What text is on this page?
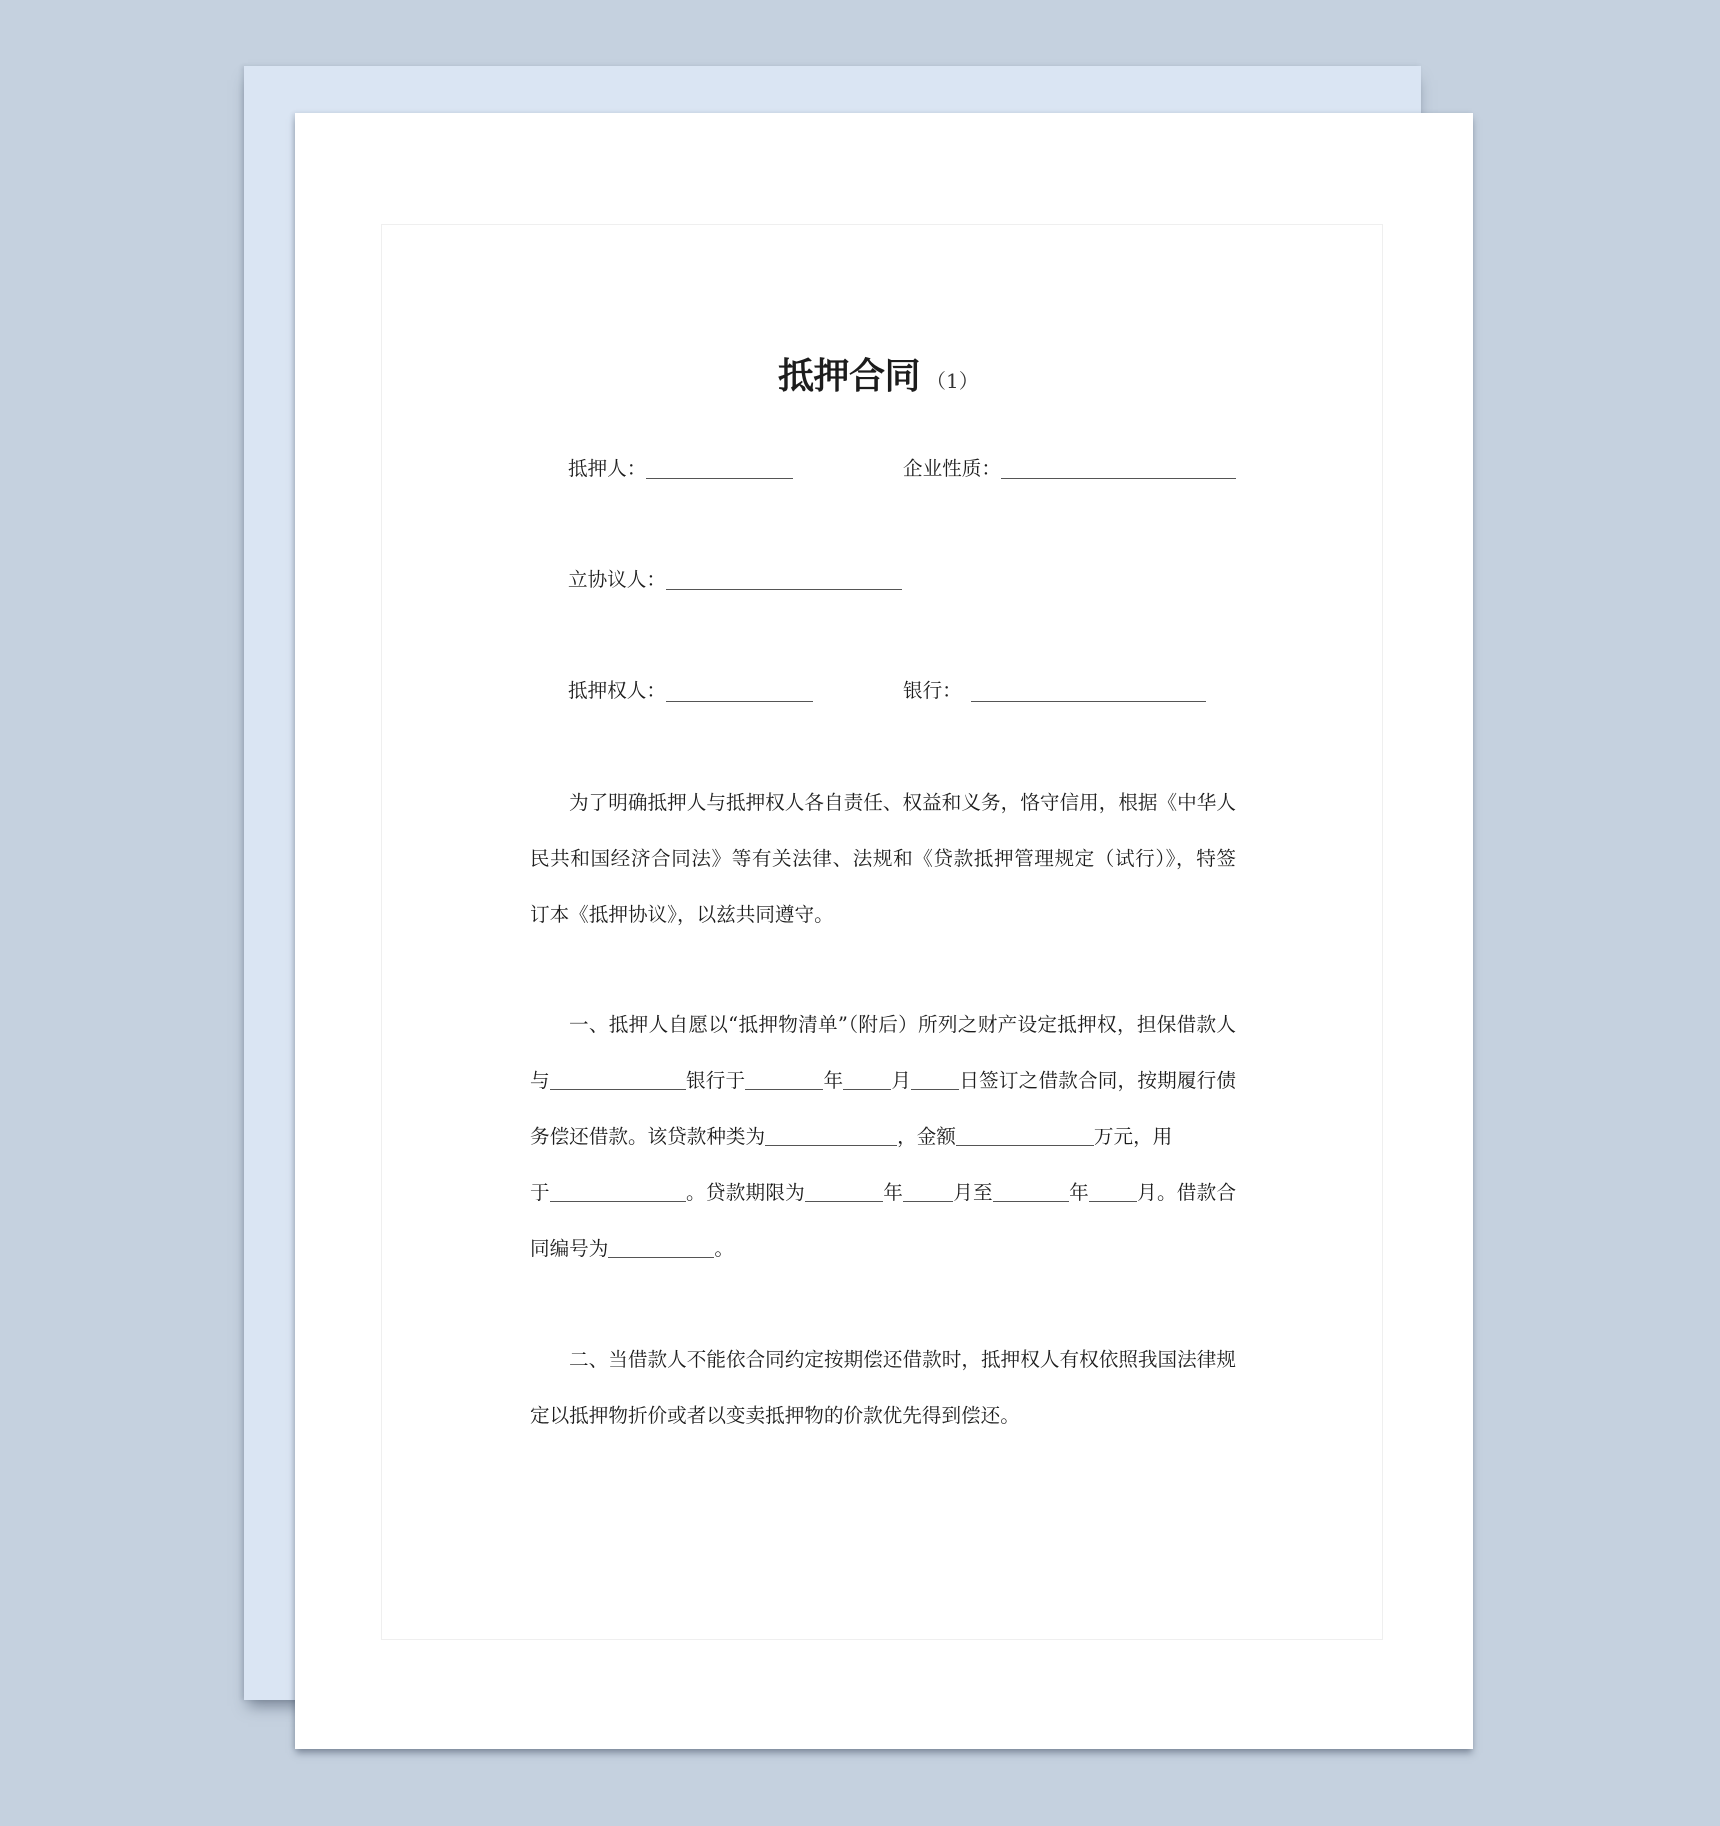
抵押合同 （1）
抵押人：	企业性质：
立协议人：
抵押权人：	银行：
为了明确抵押人与抵押权人各自责任、权益和义务，恪守信用，根据《中华人
民共和国经济合同法》等有关法律、法规和《贷款抵押管理规定（试行）》，特签
订本《抵押协议》，以兹共同遵守。
一、抵押人自愿以“抵押物清单”（附后）所列之财产设定抵押权，担保借款人
与	银行于	年 月 日签订之借款合同，按期履行债
务偿还借款。该贷款种类为	，金额	万元，用
于	。贷款期限为	年	月至	年 月。借款合
同编号为	。
二、当借款人不能依合同约定按期偿还借款时，抵押权人有权依照我国法律规
定以抵押物折价或者以变卖抵押物的价款优先得到偿还。
